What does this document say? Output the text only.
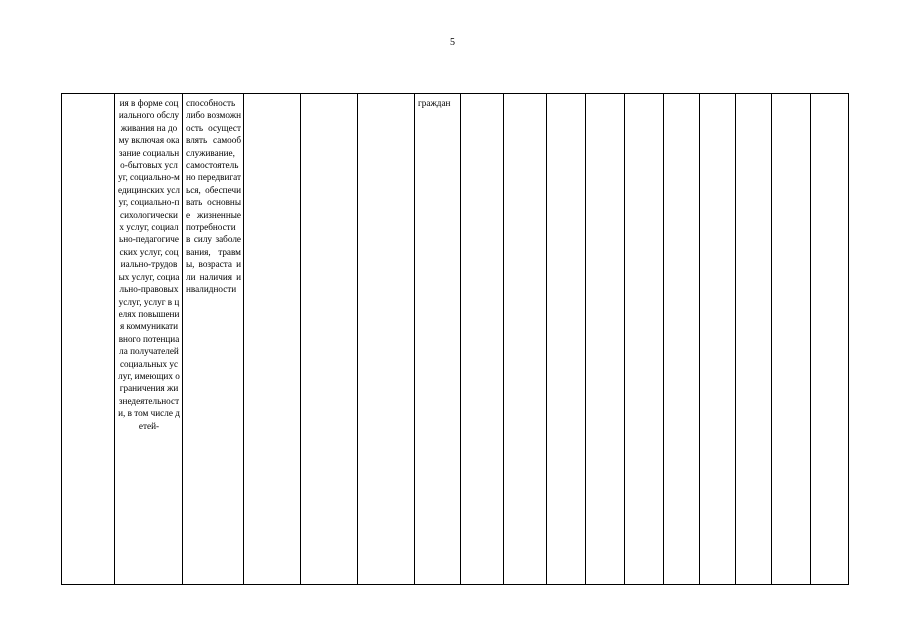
5
	ия в форме социального обслуживания на дому включая оказание социально-бытовых услуг, социально-медицинских услуг, социально-психологических услуг, социально-педагогических услуг, социально-трудовых услуг, социально-правовых услуг, услуг в целях повышения коммуникативного потенциала получателей социальных услуг, имеющих ограничения жизнедеятельности, в том числе детей-	способность либо возможность осуществлять самообслуживание, самостоятельно передвигаться, обеспечивать основные жизненные потребности в силу заболевания, травмы, возраста или наличия инвалидности				граждан										
